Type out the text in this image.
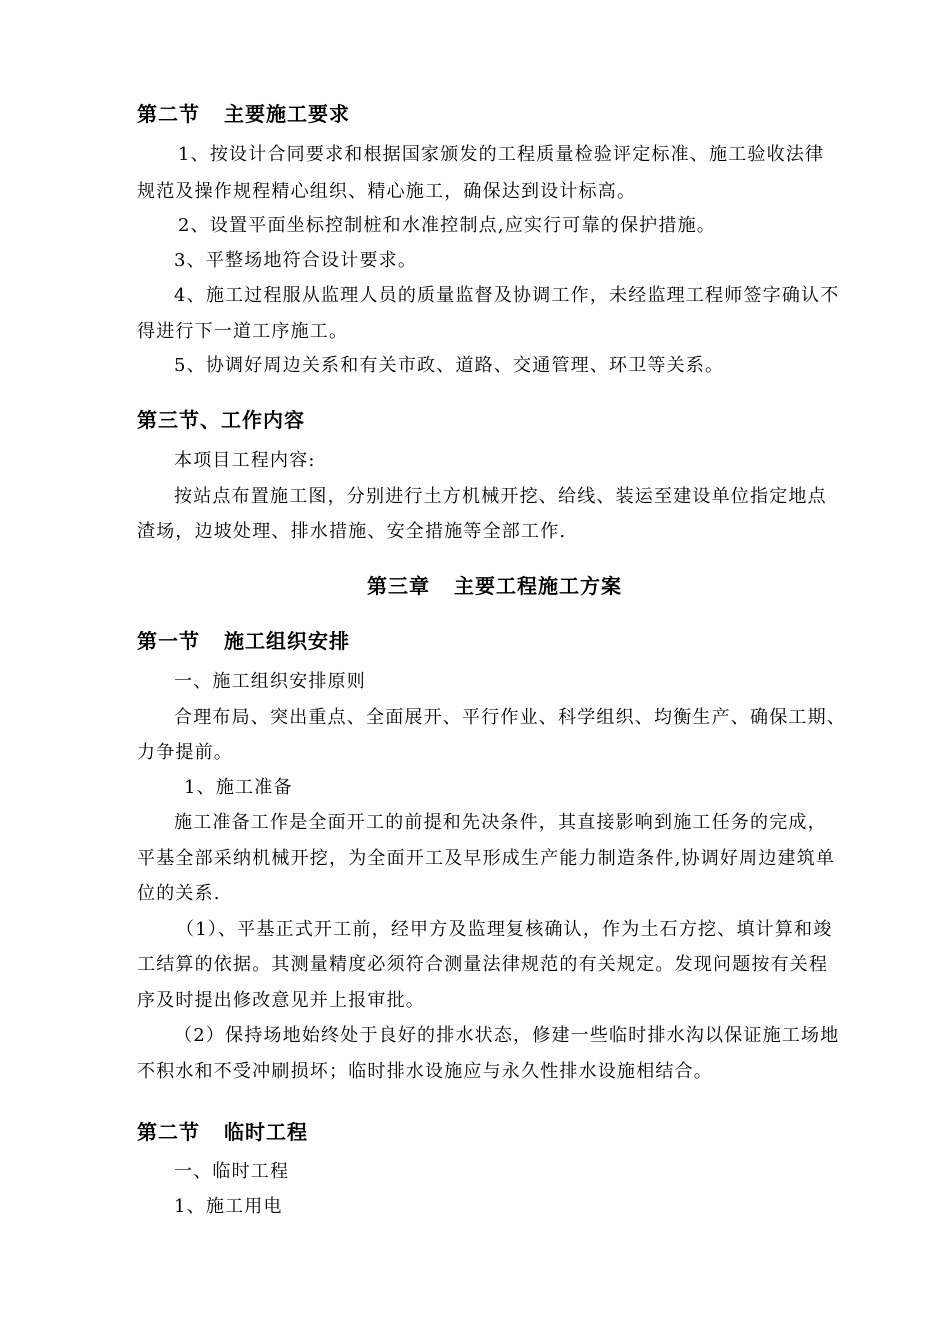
第二节 主要施工要求
1、按设计合同要求和根据国家颁发的工程质量检验评定标准、施工验收法律
规范及操作规程精心组织、精心施工，确保达到设计标高。
2、设置平面坐标控制桩和水准控制点,应实行可靠的保护措施。
3、平整场地符合设计要求。
4、施工过程服从监理人员的质量监督及协调工作，未经监理工程师签字确认不
得进行下一道工序施工。
5、协调好周边关系和有关市政、道路、交通管理、环卫等关系。
第三节、工作内容
本项目工程内容:
按站点布置施工图，分别进行土方机械开挖、给线、装运至建设单位指定地点
渣场，边坡处理、排水措施、安全措施等全部工作.
第三章 主要工程施工方案
第一节 施工组织安排
一、施工组织安排原则
合理布局、突出重点、全面展开、平行作业、科学组织、均衡生产、确保工期、
力争提前。
1、施工准备
施工准备工作是全面开工的前提和先决条件，其直接影响到施工任务的完成，
平基全部采纳机械开挖，为全面开工及早形成生产能力制造条件,协调好周边建筑单
位的关系.
（1）、平基正式开工前，经甲方及监理复核确认，作为土石方挖、填计算和竣
工结算的依据。其测量精度必须符合测量法律规范的有关规定。发现问题按有关程
序及时提出修改意见并上报审批。
（2）保持场地始终处于良好的排水状态，修建一些临时排水沟以保证施工场地
不积水和不受冲刷损坏；临时排水设施应与永久性排水设施相结合。
第二节 临时工程
一、临时工程
1、施工用电
